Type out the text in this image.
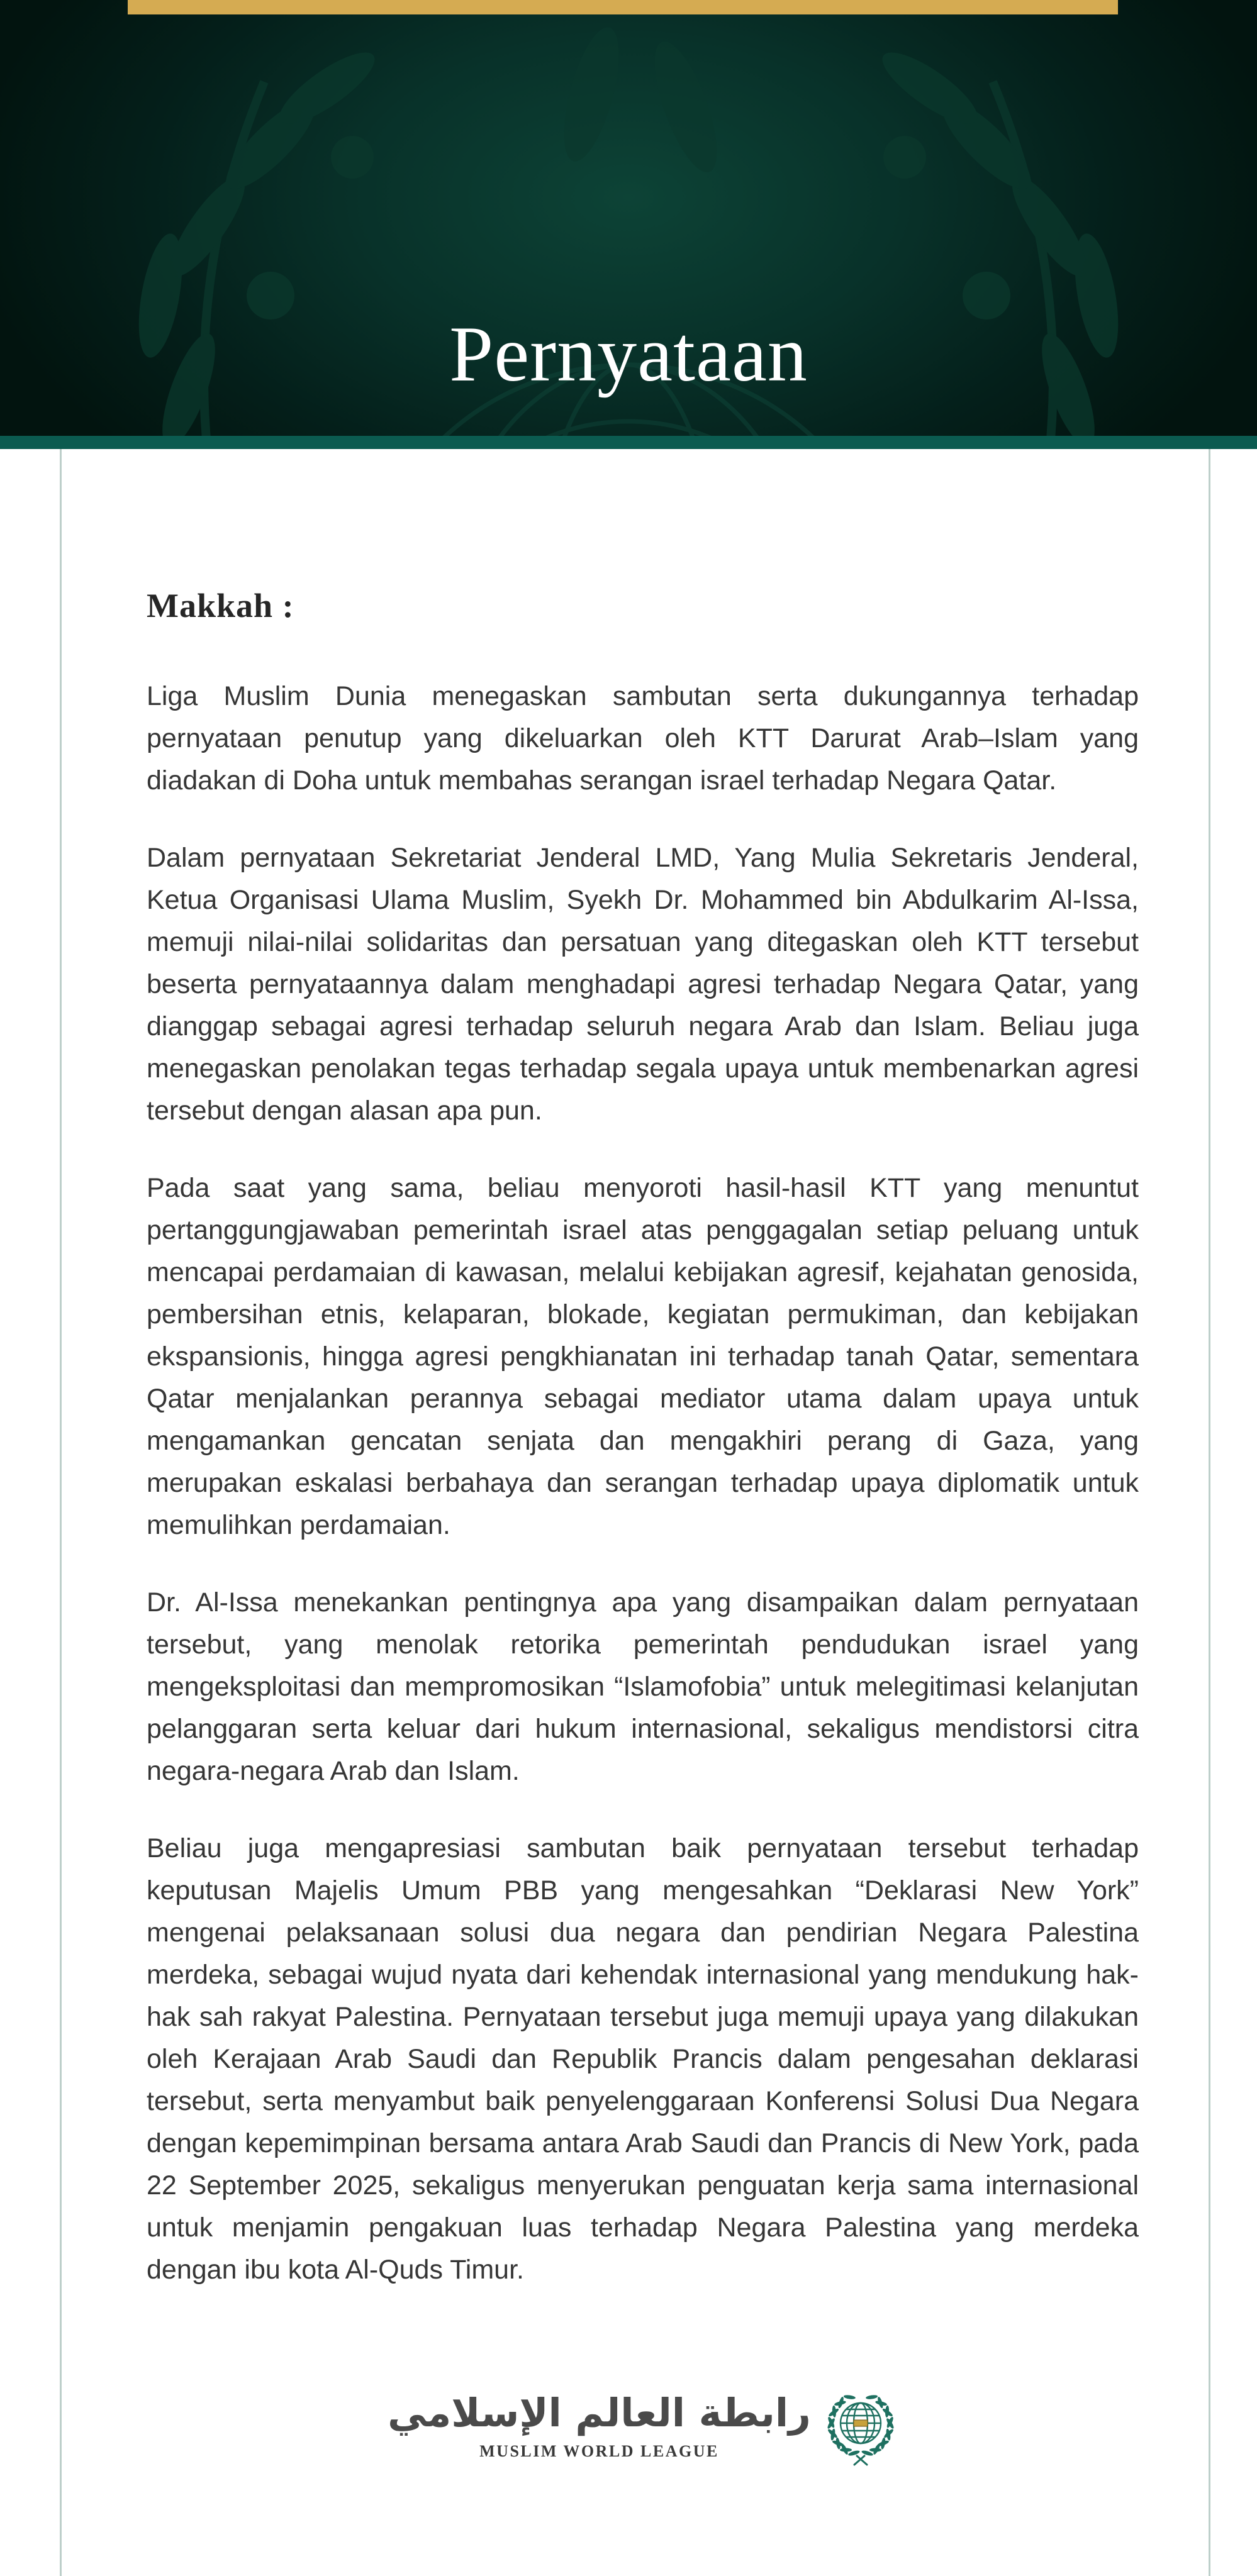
Pernyataan
Makkah :

Liga Muslim Dunia menegaskan sambutan serta dukungannya terhadap pernyataan penutup yang dikeluarkan oleh KTT Darurat Arab–Islam yang diadakan di Doha untuk membahas serangan israel terhadap Negara Qatar.

Dalam pernyataan Sekretariat Jenderal LMD, Yang Mulia Sekretaris Jenderal, Ketua Organisasi Ulama Muslim, Syekh Dr. Mohammed bin Abdulkarim Al-Issa, memuji nilai-nilai solidaritas dan persatuan yang ditegaskan oleh KTT tersebut beserta pernyataannya dalam menghadapi agresi terhadap Negara Qatar, yang dianggap sebagai agresi terhadap seluruh negara Arab dan Islam. Beliau juga menegaskan penolakan tegas terhadap segala upaya untuk membenarkan agresi tersebut dengan alasan apa pun.

Pada saat yang sama, beliau menyoroti hasil-hasil KTT yang menuntut pertanggungjawaban pemerintah israel atas penggagalan setiap peluang untuk mencapai perdamaian di kawasan, melalui kebijakan agresif, kejahatan genosida, pembersihan etnis, kelaparan, blokade, kegiatan permukiman, dan kebijakan ekspansionis, hingga agresi pengkhianatan ini terhadap tanah Qatar, sementara Qatar menjalankan perannya sebagai mediator utama dalam upaya untuk mengamankan gencatan senjata dan mengakhiri perang di Gaza, yang merupakan eskalasi berbahaya dan serangan terhadap upaya diplomatik untuk memulihkan perdamaian.

Dr. Al-Issa menekankan pentingnya apa yang disampaikan dalam pernyataan tersebut, yang menolak retorika pemerintah pendudukan israel yang mengeksploitasi dan mempromosikan “Islamofobia” untuk melegitimasi kelanjutan pelanggaran serta keluar dari hukum internasional, sekaligus mendistorsi citra negara-negara Arab dan Islam.

Beliau juga mengapresiasi sambutan baik pernyataan tersebut terhadap keputusan Majelis Umum PBB yang mengesahkan “Deklarasi New York” mengenai pelaksanaan solusi dua negara dan pendirian Negara Palestina merdeka, sebagai wujud nyata dari kehendak internasional yang mendukung hak-hak sah rakyat Palestina. Pernyataan tersebut juga memuji upaya yang dilakukan oleh Kerajaan Arab Saudi dan Republik Prancis dalam pengesahan deklarasi tersebut, serta menyambut baik penyelenggaraan Konferensi Solusi Dua Negara dengan kepemimpinan bersama antara Arab Saudi dan Prancis di New York, pada 22 September 2025, sekaligus menyerukan penguatan kerja sama internasional untuk menjamin pengakuan luas terhadap Negara Palestina yang merdeka dengan ibu kota Al-Quds Timur.

رابطة العالم الإسلامي
MUSLIM WORLD LEAGUE
